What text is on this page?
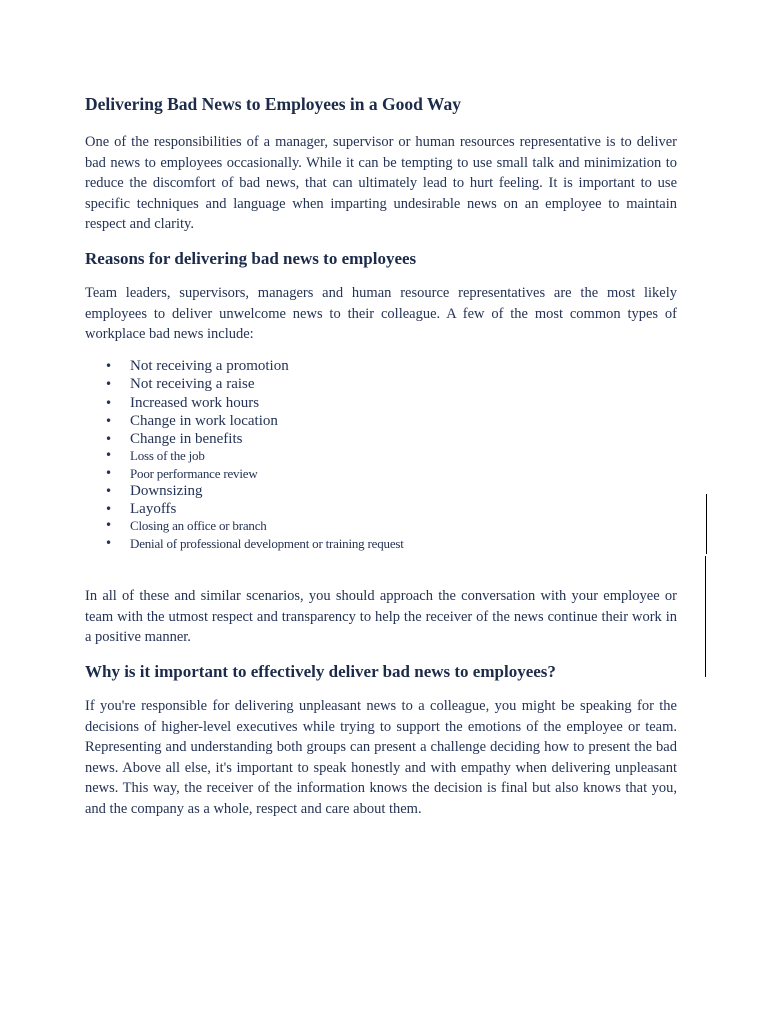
Delivering Bad News to Employees in a Good Way

One of the responsibilities of a manager, supervisor or human resources representative is to deliver bad news to employees occasionally. While it can be tempting to use small talk and minimization to reduce the discomfort of bad news, that can ultimately lead to hurt feeling. It is important to use specific techniques and language when imparting undesirable news on an employee to maintain respect and clarity.

Reasons for delivering bad news to employees

Team leaders, supervisors, managers and human resource representatives are the most likely employees to deliver unwelcome news to their colleague. A few of the most common types of workplace bad news include:

• Not receiving a promotion
• Not receiving a raise
• Increased work hours
• Change in work location
• Change in benefits
• Loss of the job
• Poor performance review
• Downsizing
• Layoffs
• Closing an office or branch
• Denial of professional development or training request

In all of these and similar scenarios, you should approach the conversation with your employee or team with the utmost respect and transparency to help the receiver of the news continue their work in a positive manner.

Why is it important to effectively deliver bad news to employees?

If you're responsible for delivering unpleasant news to a colleague, you might be speaking for the decisions of higher-level executives while trying to support the emotions of the employee or team. Representing and understanding both groups can present a challenge deciding how to present the bad news. Above all else, it's important to speak honestly and with empathy when delivering unpleasant news. This way, the receiver of the information knows the decision is final but also knows that you, and the company as a whole, respect and care about them.
